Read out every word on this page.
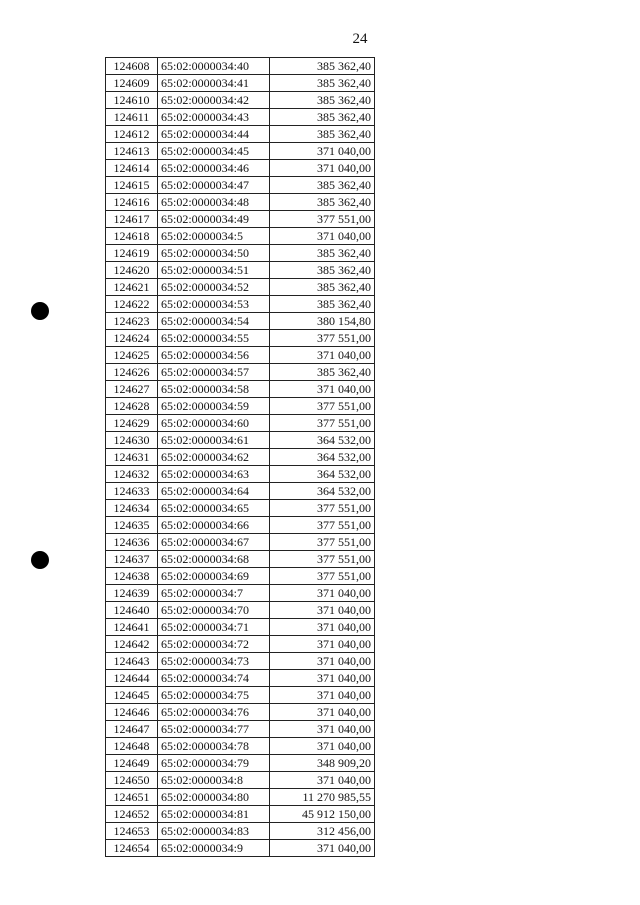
24
124608	65:02:0000034:40	385 362,40
124609	65:02:0000034:41	385 362,40
124610	65:02:0000034:42	385 362,40
124611	65:02:0000034:43	385 362,40
124612	65:02:0000034:44	385 362,40
124613	65:02:0000034:45	371 040,00
124614	65:02:0000034:46	371 040,00
124615	65:02:0000034:47	385 362,40
124616	65:02:0000034:48	385 362,40
124617	65:02:0000034:49	377 551,00
124618	65:02:0000034:5	371 040,00
124619	65:02:0000034:50	385 362,40
124620	65:02:0000034:51	385 362,40
124621	65:02:0000034:52	385 362,40
124622	65:02:0000034:53	385 362,40
124623	65:02:0000034:54	380 154,80
124624	65:02:0000034:55	377 551,00
124625	65:02:0000034:56	371 040,00
124626	65:02:0000034:57	385 362,40
124627	65:02:0000034:58	371 040,00
124628	65:02:0000034:59	377 551,00
124629	65:02:0000034:60	377 551,00
124630	65:02:0000034:61	364 532,00
124631	65:02:0000034:62	364 532,00
124632	65:02:0000034:63	364 532,00
124633	65:02:0000034:64	364 532,00
124634	65:02:0000034:65	377 551,00
124635	65:02:0000034:66	377 551,00
124636	65:02:0000034:67	377 551,00
124637	65:02:0000034:68	377 551,00
124638	65:02:0000034:69	377 551,00
124639	65:02:0000034:7	371 040,00
124640	65:02:0000034:70	371 040,00
124641	65:02:0000034:71	371 040,00
124642	65:02:0000034:72	371 040,00
124643	65:02:0000034:73	371 040,00
124644	65:02:0000034:74	371 040,00
124645	65:02:0000034:75	371 040,00
124646	65:02:0000034:76	371 040,00
124647	65:02:0000034:77	371 040,00
124648	65:02:0000034:78	371 040,00
124649	65:02:0000034:79	348 909,20
124650	65:02:0000034:8	371 040,00
124651	65:02:0000034:80	11 270 985,55
124652	65:02:0000034:81	45 912 150,00
124653	65:02:0000034:83	312 456,00
124654	65:02:0000034:9	371 040,00
